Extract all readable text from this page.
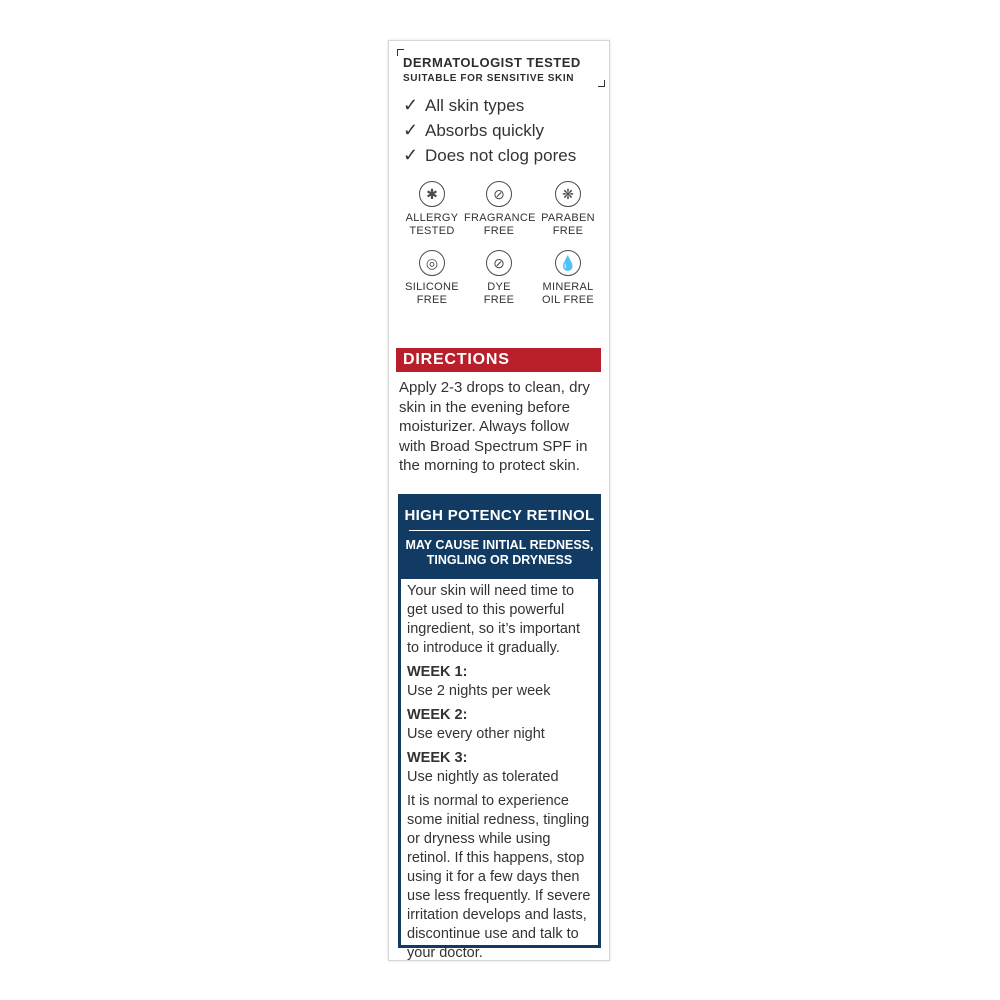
DERMATOLOGIST TESTED
SUITABLE FOR SENSITIVE SKIN
✓ All skin types
✓ Absorbs quickly
✓ Does not clog pores
✱
ALLERGY
TESTED
⊘
FRAGRANCE
FREE
❋
PARABEN
FREE
◎
SILICONE
FREE
⊘
DYE
FREE
💧
MINERAL
OIL FREE
DIRECTIONS
Apply 2-3 drops to clean, dry skin in the evening before moisturizer. Always follow with Broad Spectrum SPF in the morning to protect skin.
HIGH POTENCY RETINOL
MAY CAUSE INITIAL REDNESS,
TINGLING OR DRYNESS

Your skin will need time to get used to this powerful ingredient, so it’s important to introduce it gradually.

WEEK 1:

Use 2 nights per week

WEEK 2:

Use every other night

WEEK 3:

Use nightly as tolerated

It is normal to experience some initial redness, tingling or dryness while using retinol. If this happens, stop using it for a few days then use less frequently. If severe irritation develops and lasts, discontinue use and talk to your doctor.
